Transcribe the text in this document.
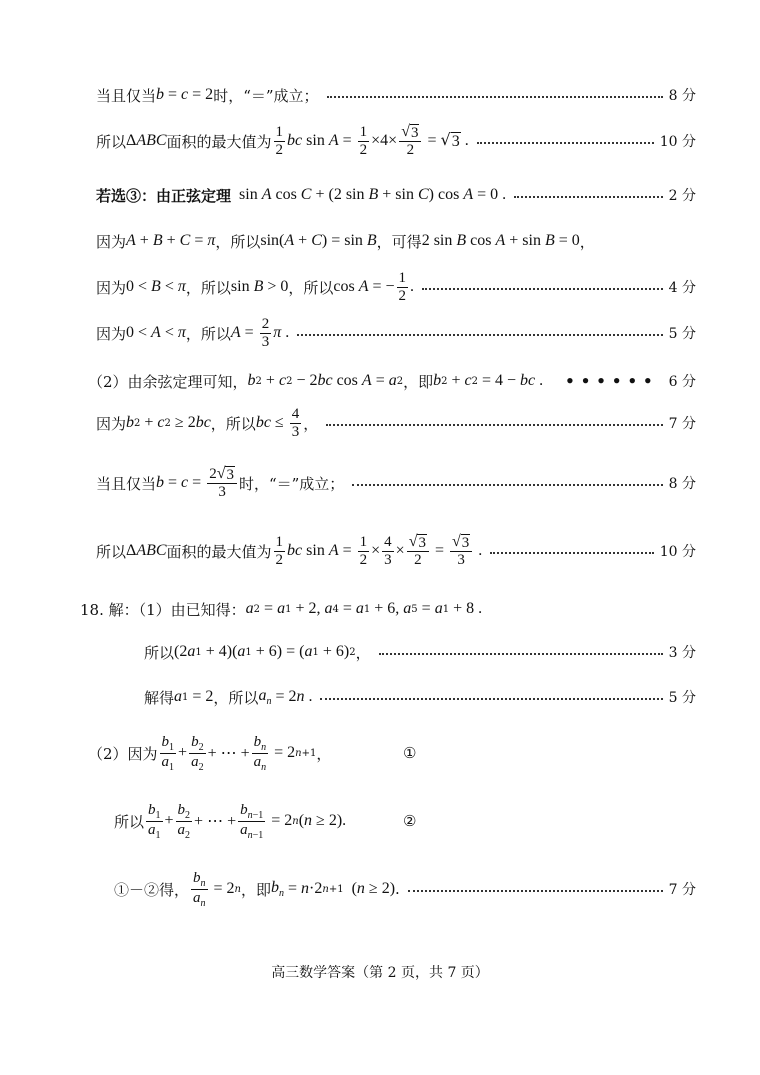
当且仅当 b = c = 2 时，“＝”成立；	8 分
所以 Δ ABC 面积的最大值为 $\frac{1}{2}$ bc $\sin A = \frac{1}{2} \times 4\times \frac{√ 3}{2}$ = √ 3 .	10 分
若选③：由正弦定理 sin A cos C + (2 sin B + sin C ) cos A = 0 .	2 分
因为 A + B + C = π ，所以 sin( A + C ) = sin B ，可得 2 sin B cos A + sin B = 0 ，
因为 0 < B < π ，所以 sin B > 0 ，所以 cos A = − $\frac{1}{2}$ .	4 分
因为 0 < A < π ，所以 $A = \frac{2}{3}$ π .	5 分
（2）由余弦定理可知， b 2 + c 2 − 2 bc cos A = a 2 ，即 b 2 + c 2 = 4 − bc .	•••••• 6 分
因为 b 2 + c 2 ≥ 2 bc ，所以 bc ≤ $\frac{4}{3}$ ，	7 分
当且仅当 $b = c = \frac{2 √ 3}{3}$ 时，“＝”成立；	8 分
所以 Δ ABC 面积的最大值为 $\frac{1}{2}$ bc $\sin A = \frac{1}{2} \times \frac{4}{3} \times \frac{√ 3}{2} = \frac{√ 3}{3}$ .	10 分
18. 解：（1）由已知得： a 2 = a 1 + 2, a 4 = a 1 + 6, a 5 = a 1 + 8 .
所以 (2 a 1 + 4)( a 1 + 6) = ( a 1 + 6) 2 ，	3 分
解得 a 1 = 2 ，所以 $a_n = 2$ n .	5 分
（2）因为 $\frac{b_1}{a_1} + \frac{b_2}{a_2}$ + ⋯ + $\frac{b_n}{a_n} = 2$ n+1 ，	①
所以 $\frac{b_1}{a_1} + \frac{b_2}{a_2}$ + ⋯ + $\frac{b_{n-1}}{a_{n-1}} = 2$ n ( n ≥ 2).	②
①－②得， $\frac{b_n}{a_n} = 2$ n ，即 $b_n = n \cdot 2$ n+1 ( n ≥ 2) .	7 分
高三数学答案（第 2 页，共 7 页）
